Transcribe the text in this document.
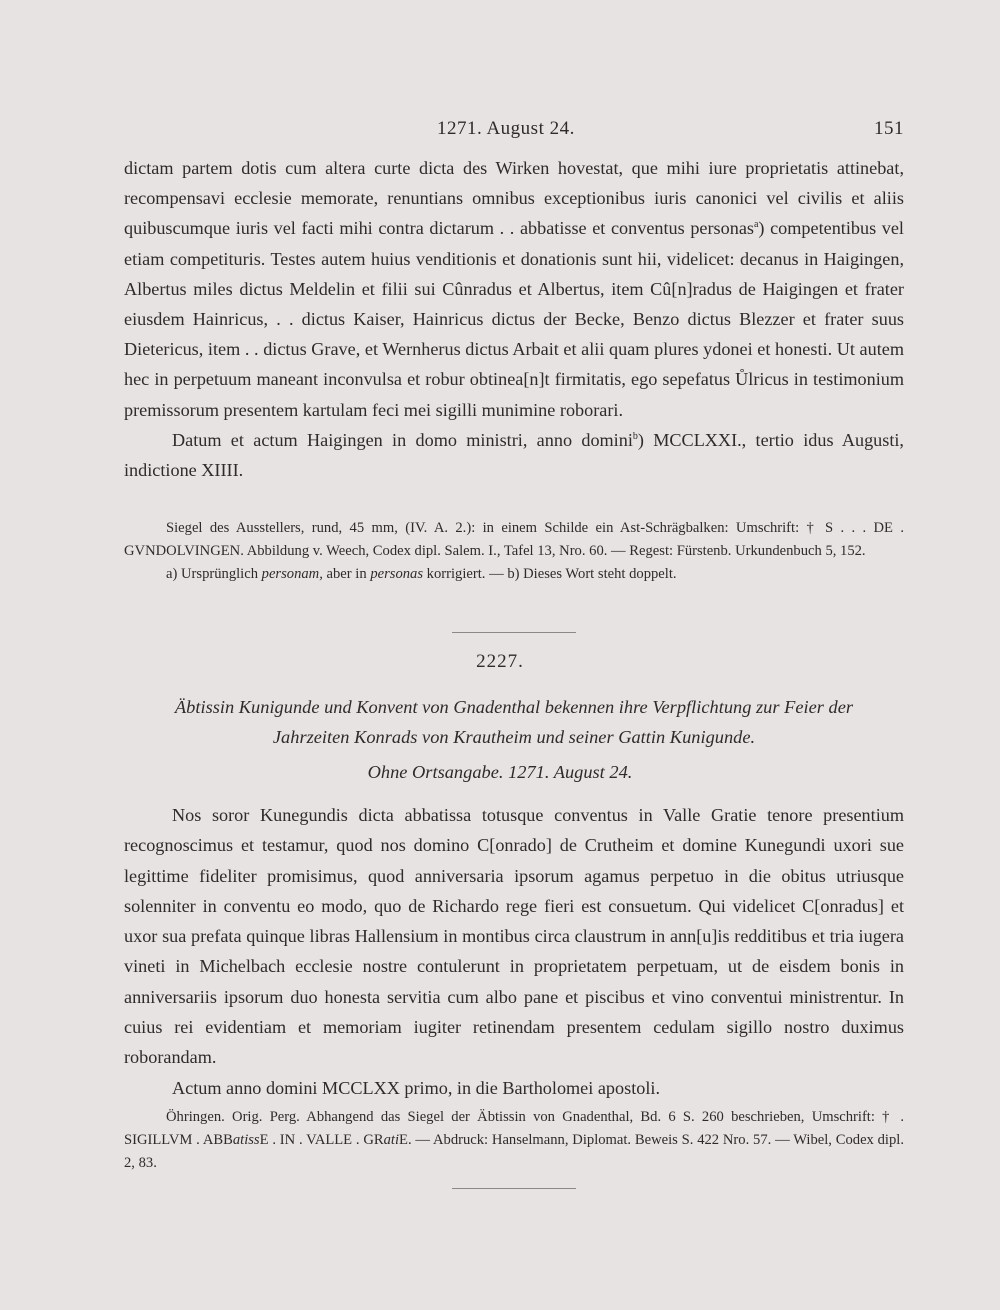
1271. August 24.	151

dictam partem dotis cum altera curte dicta des Wirken hovestat, que mihi iure proprietatis attinebat, recompensavi ecclesie memorate, renuntians omnibus exceptionibus iuris canonici vel civilis et aliis quibuscumque iuris vel facti mihi contra dictarum . . abbatisse et conventus personas$^a$) competentibus vel etiam competituris. Testes autem huius venditionis et donationis sunt hii, videlicet: decanus in Haigingen, Albertus miles dictus Meldelin et filii sui Cûnradus et Albertus, item Cû[n]radus de Haigingen et frater eiusdem Hainricus, . . dictus Kaiser, Hainricus dictus der Becke, Benzo dictus Blezzer et frater suus Dietericus, item . . dictus Grave, et Wernherus dictus Arbait et alii quam plures ydonei et honesti. Ut autem hec in perpetuum maneant inconvulsa et robur obtinea[n]t firmitatis, ego sepefatus Ůlricus in testimonium premissorum presentem kartulam feci mei sigilli munimine roborari.

Datum et actum Haigingen in domo ministri, anno domini$^b$) MCCLXXI., tertio idus Augusti, indictione XIIII.

Siegel des Ausstellers, rund, 45 mm, (IV. A. 2.): in einem Schilde ein Ast-Schrägbalken: Umschrift: † S . . . DE . GVNDOLVINGEN. Abbildung v. Weech, Codex dipl. Salem. I., Tafel 13, Nro. 60. — Regest: Fürstenb. Urkundenbuch 5, 152.

a) Ursprünglich personam, aber in personas korrigiert. — b) Dieses Wort steht doppelt.

2227.

Äbtissin Kunigunde und Konvent von Gnadenthal bekennen ihre Verpflichtung zur Feier der

Jahrzeiten Konrads von Krautheim und seiner Gattin Kunigunde.

Ohne Ortsangabe. 1271. August 24.

Nos soror Kunegundis dicta abbatissa totusque conventus in Valle Gratie tenore presentium recognoscimus et testamur, quod nos domino C[onrado] de Crutheim et domine Kunegundi uxori sue legittime fideliter promisimus, quod anniversaria ipsorum agamus perpetuo in die obitus utriusque solenniter in conventu eo modo, quo de Richardo rege fieri est consuetum. Qui videlicet C[onradus] et uxor sua prefata quinque libras Hallensium in montibus circa claustrum in ann[u]is redditibus et tria iugera vineti in Michelbach ecclesie nostre contulerunt in proprietatem perpetuam, ut de eisdem bonis in anniversariis ipsorum duo honesta servitia cum albo pane et piscibus et vino conventui ministrentur. In cuius rei evidentiam et memoriam iugiter retinendam presentem cedulam sigillo nostro duximus roborandam.

Actum anno domini MCCLXX primo, in die Bartholomei apostoli.

Öhringen. Orig. Perg. Abhangend das Siegel der Äbtissin von Gnadenthal, Bd. 6 S. 260 beschrieben, Umschrift: † . SIGILLVM . ABBatissE . IN . VALLE . GRatiE. — Abdruck: Hanselmann, Diplomat. Beweis S. 422 Nro. 57. — Wibel, Codex dipl. 2, 83.
